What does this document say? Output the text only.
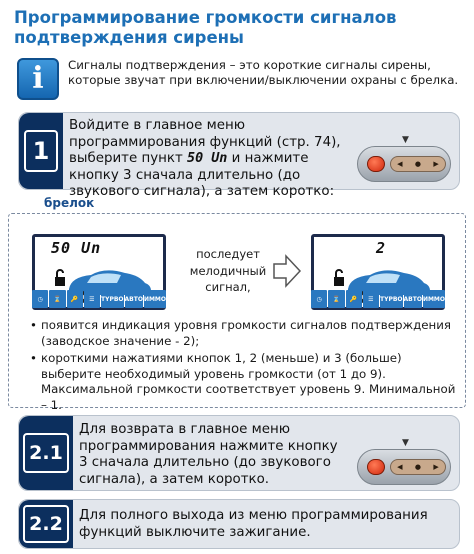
Программирование громкости сигналов подтверждения сирены
i	Сигналы подтверждения – это короткие сигналы сирены, которые звучат при включении/выключении охраны с брелка.
1
Войдите в главное меню программирования функций (стр. 74), выберите пункт 50 Un и нажмите кнопку 3 сначала длительно (до звукового сигнала), а затем коротко:
▼
◀ ● ▶
брелок
50 Un
◷	⌛	🔑	☰	TYPBO ABTO ИММО
последует мелодичный сигнал,
2
◷	⌛	🔑	☰	TYPBO ABTO ИММО
• появится индикация уровня громкости сигналов подтверждения (заводское значение - 2);
• короткими нажатиями кнопок 1, 2 (меньше) и 3 (больше) выберите необходимый уровень громкости (от 1 до 9). Максимальной громкости соответствует уровень 9. Минимальной – 1.
2.1
Для возврата в главное меню программирования нажмите кнопку 3 сначала длительно (до звукового сигнала), а затем коротко.
▼
◀ ● ▶
2.2	Для полного выхода из меню программирования функций выключите зажигание.
